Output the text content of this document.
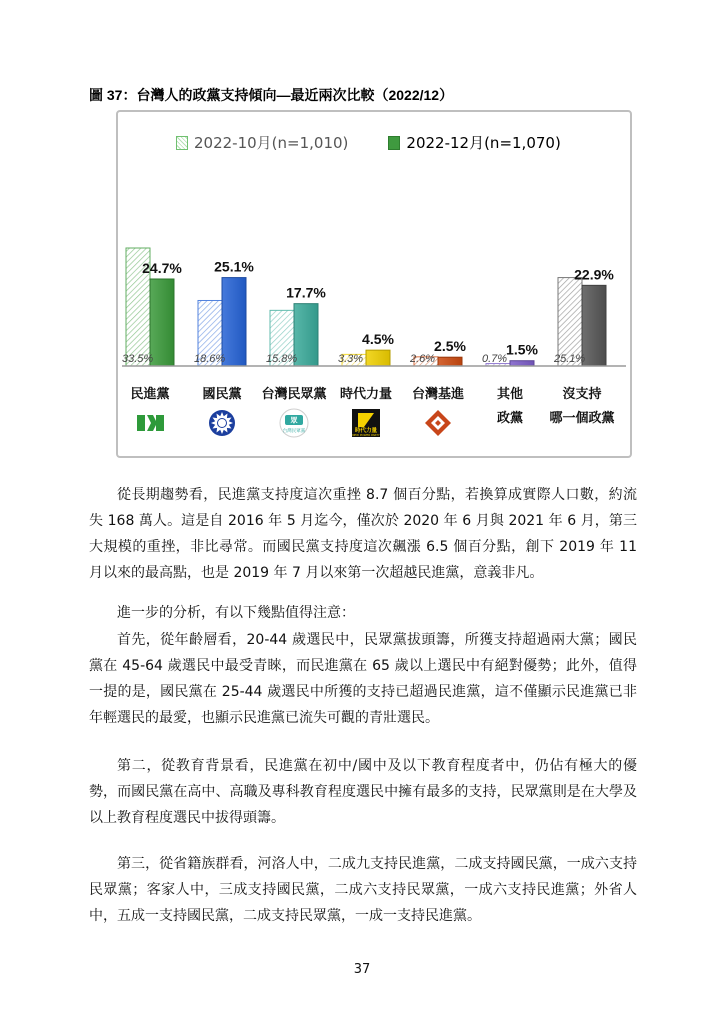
圖 37：台灣人的政黨支持傾向—最近兩次比較（2022/12）
2022-10月(n=1,010)	2022-12月(n=1,070)
33.5%
24.7%
民進黨
18.6%
25.1%
國民黨
15.8%
17.7%
台灣民眾黨
3.3%
4.5%
時代力量
2.6%
2.5%
台灣基進
0.7%
1.5%
其他
政黨
25.1%
22.9%
沒支持
哪一個政黨
眾
台灣民眾黨	時代力量
NEW POWER PARTY

從長期趨勢看，民進黨支持度這次重挫 8.7 個百分點，若換算成實際人口數，約流失 168 萬人。這是自 2016 年 5 月迄今，僅次於 2020 年 6 月與 2021 年 6 月，第三大規模的重挫，非比尋常。而國民黨支持度這次飆漲 6.5 個百分點，創下 2019 年 11 月以來的最高點，也是 2019 年 7 月以來第一次超越民進黨，意義非凡。

進一步的分析，有以下幾點值得注意：

首先，從年齡層看，20-44 歲選民中，民眾黨拔頭籌，所獲支持超過兩大黨；國民黨在 45-64 歲選民中最受青睞，而民進黨在 65 歲以上選民中有絕對優勢；此外，值得一提的是，國民黨在 25-44 歲選民中所獲的支持已超過民進黨，這不僅顯示民進黨已非年輕選民的最愛，也顯示民進黨已流失可觀的青壯選民。

第二，從教育背景看，民進黨在初中/國中及以下教育程度者中，仍佔有極大的優勢，而國民黨在高中、高職及專科教育程度選民中擁有最多的支持，民眾黨則是在大學及以上教育程度選民中拔得頭籌。

第三，從省籍族群看，河洛人中，二成九支持民進黨，二成支持國民黨，一成六支持民眾黨；客家人中，三成支持國民黨，二成六支持民眾黨，一成六支持民進黨；外省人中，五成一支持國民黨，二成支持民眾黨，一成一支持民進黨。

37
